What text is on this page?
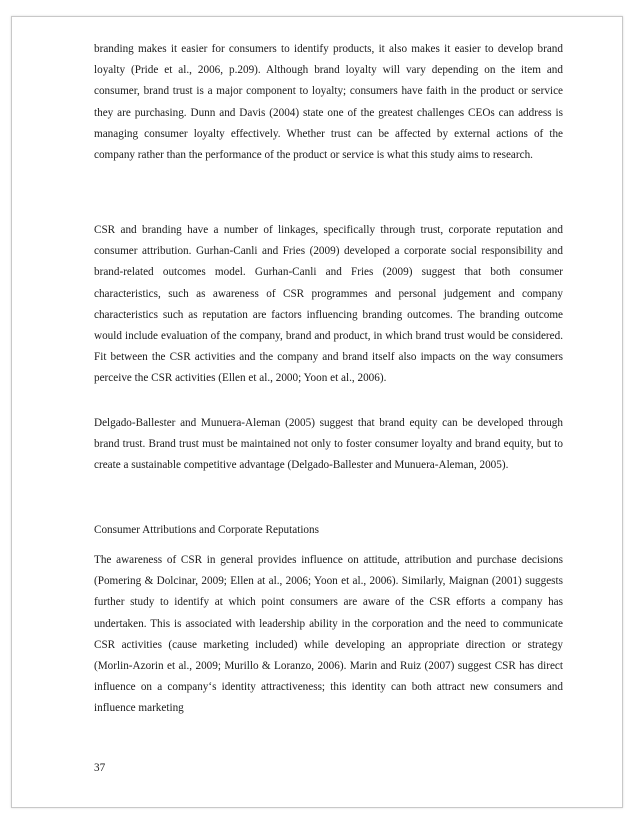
branding makes it easier for consumers to identify products, it also makes it easier to develop brand loyalty (Pride et al., 2006, p.209). Although brand loyalty will vary depending on the item and consumer, brand trust is a major component to loyalty; consumers have faith in the product or service they are purchasing. Dunn and Davis (2004) state one of the greatest challenges CEOs can address is managing consumer loyalty effectively. Whether trust can be affected by external actions of the company rather than the performance of the product or service is what this study aims to research.

CSR and branding have a number of linkages, specifically through trust, corporate reputation and consumer attribution. Gurhan-Canli and Fries (2009) developed a corporate social responsibility and brand-related outcomes model. Gurhan-Canli and Fries (2009) suggest that both consumer characteristics, such as awareness of CSR programmes and personal judgement and company characteristics such as reputation are factors influencing branding outcomes. The branding outcome would include evaluation of the company, brand and product, in which brand trust would be considered. Fit between the CSR activities and the company and brand itself also impacts on the way consumers perceive the CSR activities (Ellen et al., 2000; Yoon et al., 2006).

Delgado-Ballester and Munuera-Aleman (2005) suggest that brand equity can be developed through brand trust. Brand trust must be maintained not only to foster consumer loyalty and brand equity, but to create a sustainable competitive advantage (Delgado-Ballester and Munuera-Aleman, 2005).

Consumer Attributions and Corporate Reputations

The awareness of CSR in general provides influence on attitude, attribution and purchase decisions (Pomering & Dolcinar, 2009; Ellen at al., 2006; Yoon et al., 2006). Similarly, Maignan (2001) suggests further study to identify at which point consumers are aware of the CSR efforts a company has undertaken. This is associated with leadership ability in the corporation and the need to communicate CSR activities (cause marketing included) while developing an appropriate direction or strategy (Morlin-Azorin et al., 2009; Murillo & Loranzo, 2006). Marin and Ruiz (2007) suggest CSR has direct influence on a company‘s identity attractiveness; this identity can both attract new consumers and influence marketing

37
